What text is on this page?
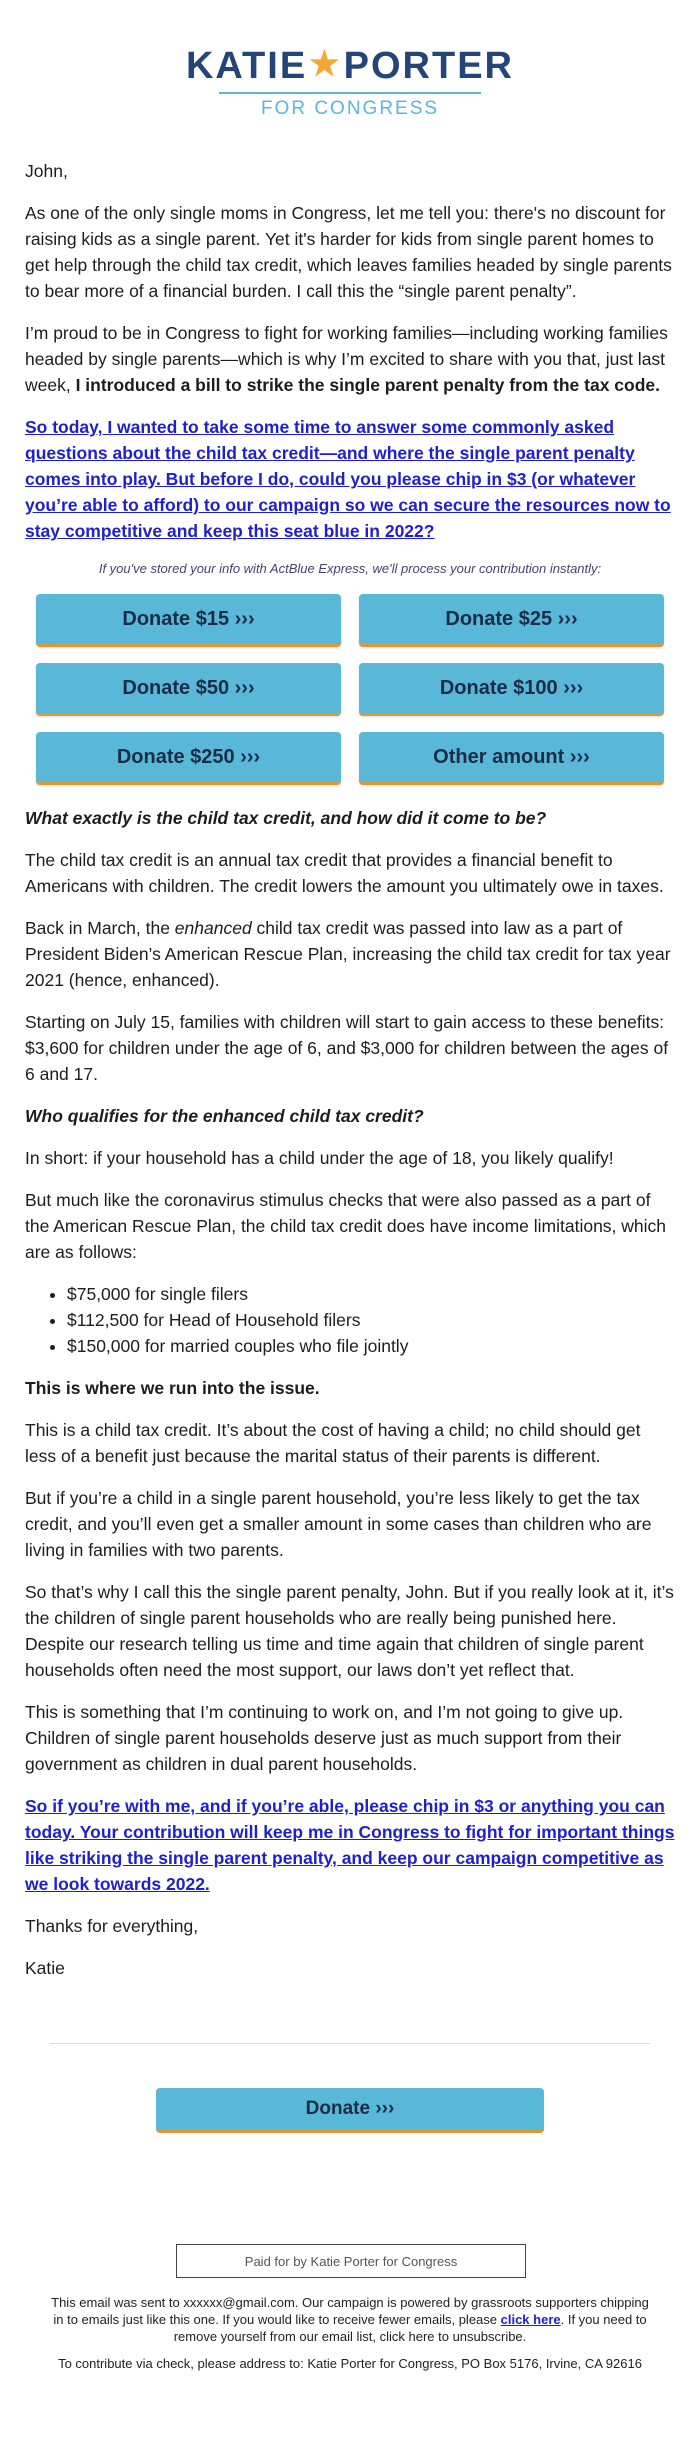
KATIE★PORTER
FOR CONGRESS

John,

As one of the only single moms in Congress, let me tell you: there's no discount for raising kids as a single parent. Yet it's harder for kids from single parent homes to get help through the child tax credit, which leaves families headed by single parents to bear more of a financial burden. I call this the “single parent penalty”.

I’m proud to be in Congress to fight for working families—including working families headed by single parents—which is why I’m excited to share with you that, just last week, I introduced a bill to strike the single parent penalty from the tax code.

So today, I wanted to take some time to answer some commonly asked questions about the child tax credit—and where the single parent penalty comes into play. But before I do, could you please chip in $3 (or whatever you’re able to afford) to our campaign so we can secure the resources now to stay competitive and keep this seat blue in 2022?

If you've stored your info with ActBlue Express, we'll process your contribution instantly:

Donate $15 ›››	Donate $25 ›››
Donate $50 ›››	Donate $100 ›››
Donate $250 ›››	Other amount ›››

What exactly is the child tax credit, and how did it come to be?

The child tax credit is an annual tax credit that provides a financial benefit to Americans with children. The credit lowers the amount you ultimately owe in taxes.

Back in March, the enhanced child tax credit was passed into law as a part of President Biden’s American Rescue Plan, increasing the child tax credit for tax year 2021 (hence, enhanced).

Starting on July 15, families with children will start to gain access to these benefits: $3,600 for children under the age of 6, and $3,000 for children between the ages of 6 and 17.

Who qualifies for the enhanced child tax credit?

In short: if your household has a child under the age of 18, you likely qualify!

But much like the coronavirus stimulus checks that were also passed as a part of the American Rescue Plan, the child tax credit does have income limitations, which are as follows:

• $75,000 for single filers
• $112,500 for Head of Household filers
• $150,000 for married couples who file jointly

This is where we run into the issue.

This is a child tax credit. It’s about the cost of having a child; no child should get less of a benefit just because the marital status of their parents is different.

But if you’re a child in a single parent household, you’re less likely to get the tax credit, and you’ll even get a smaller amount in some cases than children who are living in families with two parents.

So that’s why I call this the single parent penalty, John. But if you really look at it, it’s the children of single parent households who are really being punished here. Despite our research telling us time and time again that children of single parent households often need the most support, our laws don’t yet reflect that.

This is something that I’m continuing to work on, and I’m not going to give up. Children of single parent households deserve just as much support from their government as children in dual parent households.

So if you’re with me, and if you’re able, please chip in $3 or anything you can today. Your contribution will keep me in Congress to fight for important things like striking the single parent penalty, and keep our campaign competitive as we look towards 2022.

Thanks for everything,

Katie

Donate ›››
Paid for by Katie Porter for Congress

This email was sent to xxxxxx@gmail.com. Our campaign is powered by grassroots supporters chipping in to emails just like this one. If you would like to receive fewer emails, please click here. If you need to remove yourself from our email list, click here to unsubscribe.

To contribute via check, please address to: Katie Porter for Congress, PO Box 5176, Irvine, CA 92616
